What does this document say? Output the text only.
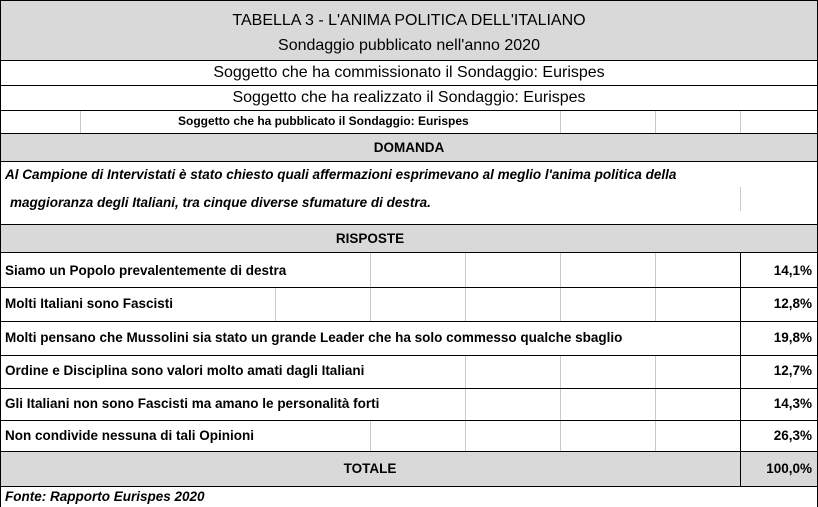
TABELLA 3 - L'ANIMA POLITICA DELL'ITALIANO
Sondaggio pubblicato nell'anno 2020
Soggetto che ha commissionato il Sondaggio: Eurispes
Soggetto che ha realizzato il Sondaggio: Eurispes
Soggetto che ha pubblicato il Sondaggio: Eurispes
DOMANDA
Al Campione di Intervistati è stato chiesto quali affermazioni esprimevano al meglio l'anima politica della
maggioranza degli Italiani, tra cinque diverse sfumature di destra.
RISPOSTE
Siamo un Popolo prevalentemente di destra	14,1%
Molti Italiani sono Fascisti	12,8%
Molti pensano che Mussolini sia stato un grande Leader che ha solo commesso qualche sbaglio	19,8%
Ordine e Disciplina sono valori molto amati dagli Italiani	12,7%
Gli Italiani non sono Fascisti ma amano le personalità forti	14,3%
Non condivide nessuna di tali Opinioni	26,3%
TOTALE	100,0%
Fonte: Rapporto Eurispes 2020
